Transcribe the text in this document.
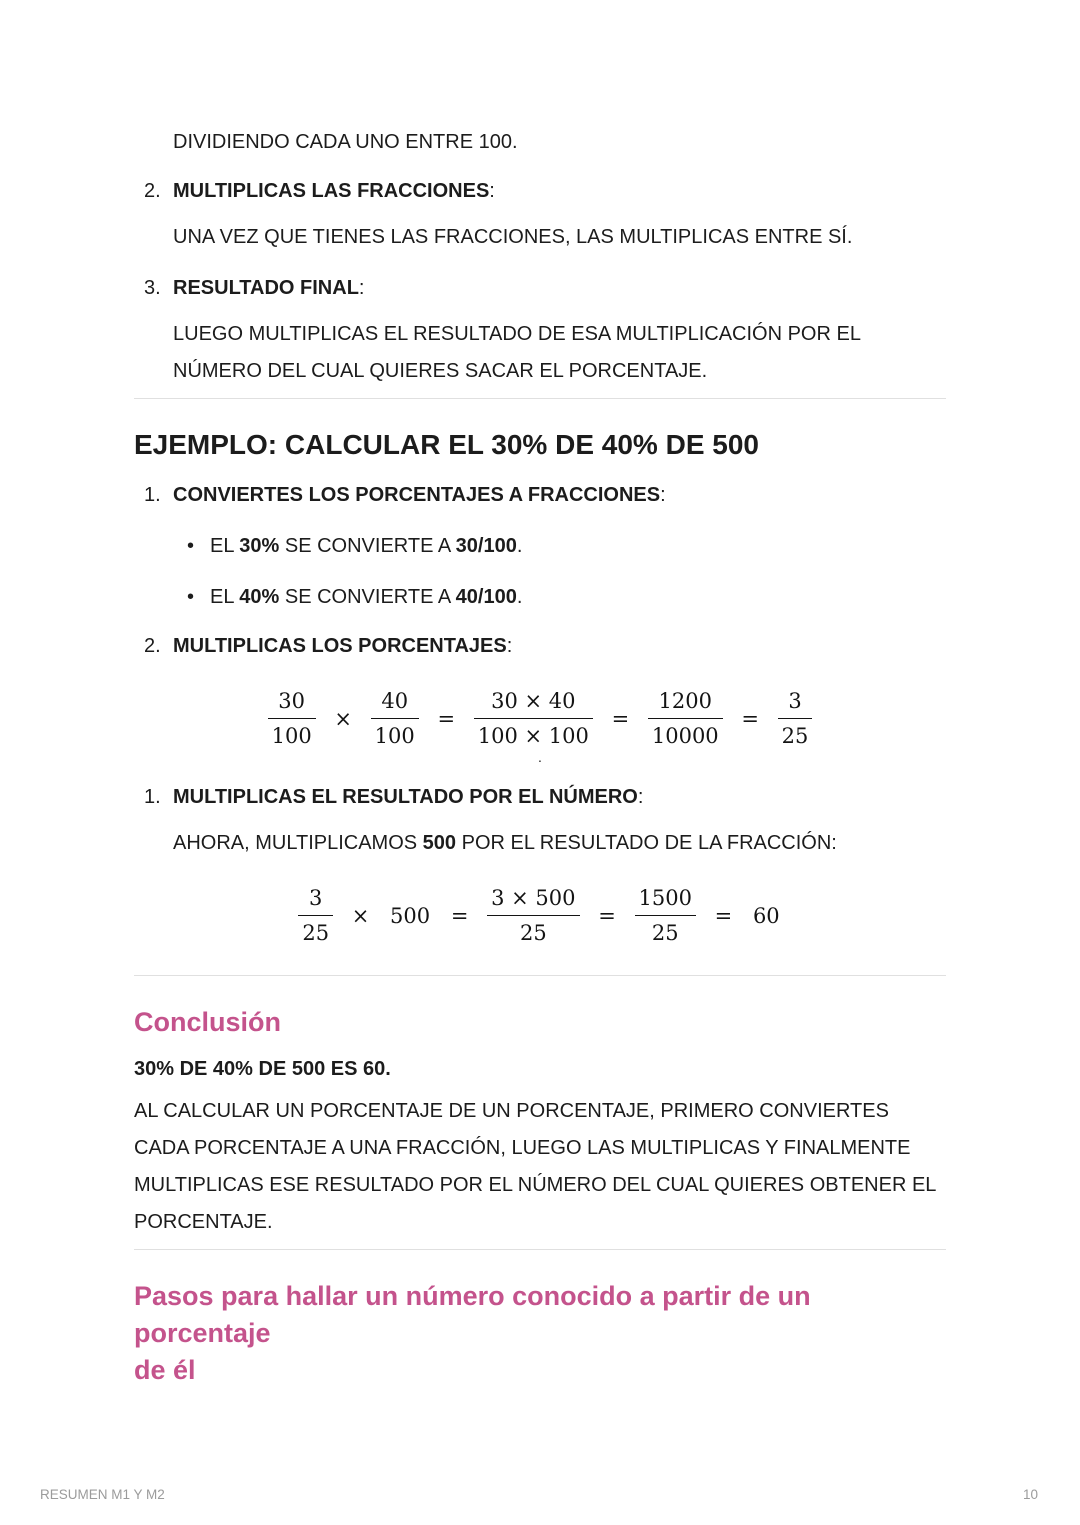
DIVIDIENDO CADA UNO ENTRE 100.

2. MULTIPLICAS LAS FRACCIONES:

UNA VEZ QUE TIENES LAS FRACCIONES, LAS MULTIPLICAS ENTRE SÍ.

3. RESULTADO FINAL:

LUEGO MULTIPLICAS EL RESULTADO DE ESA MULTIPLICACIÓN POR EL NÚMERO DEL CUAL QUIERES SACAR EL PORCENTAJE.

EJEMPLO: CALCULAR EL 30% DE 40% DE 500
1. CONVIERTES LOS PORCENTAJES A FRACCIONES:

• EL 30% SE CONVIERTE A 30/100.

• EL 40% SE CONVIERTE A 40/100.

2. MULTIPLICAS LOS PORCENTAJES:

$\frac{30}{100} \times \frac{40}{100} = \frac{30 \times 40}{100 \times 100} = \frac{1200}{10000} = \frac{3}{25}$
.
1. MULTIPLICAS EL RESULTADO POR EL NÚMERO:

AHORA, MULTIPLICAMOS 500 POR EL RESULTADO DE LA FRACCIÓN:

$\frac{3}{25} \times 500 = \frac{3 \times 500}{25} = \frac{1500}{25} = 60$
Conclusión

30% DE 40% DE 500 ES 60.

AL CALCULAR UN PORCENTAJE DE UN PORCENTAJE, PRIMERO CONVIERTES CADA PORCENTAJE A UNA FRACCIÓN, LUEGO LAS MULTIPLICAS Y FINALMENTE MULTIPLICAS ESE RESULTADO POR EL NÚMERO DEL CUAL QUIERES OBTENER EL PORCENTAJE.

Pasos para hallar un número conocido a partir de un porcentaje
de él
RESUMEN M1 Y M2	10
